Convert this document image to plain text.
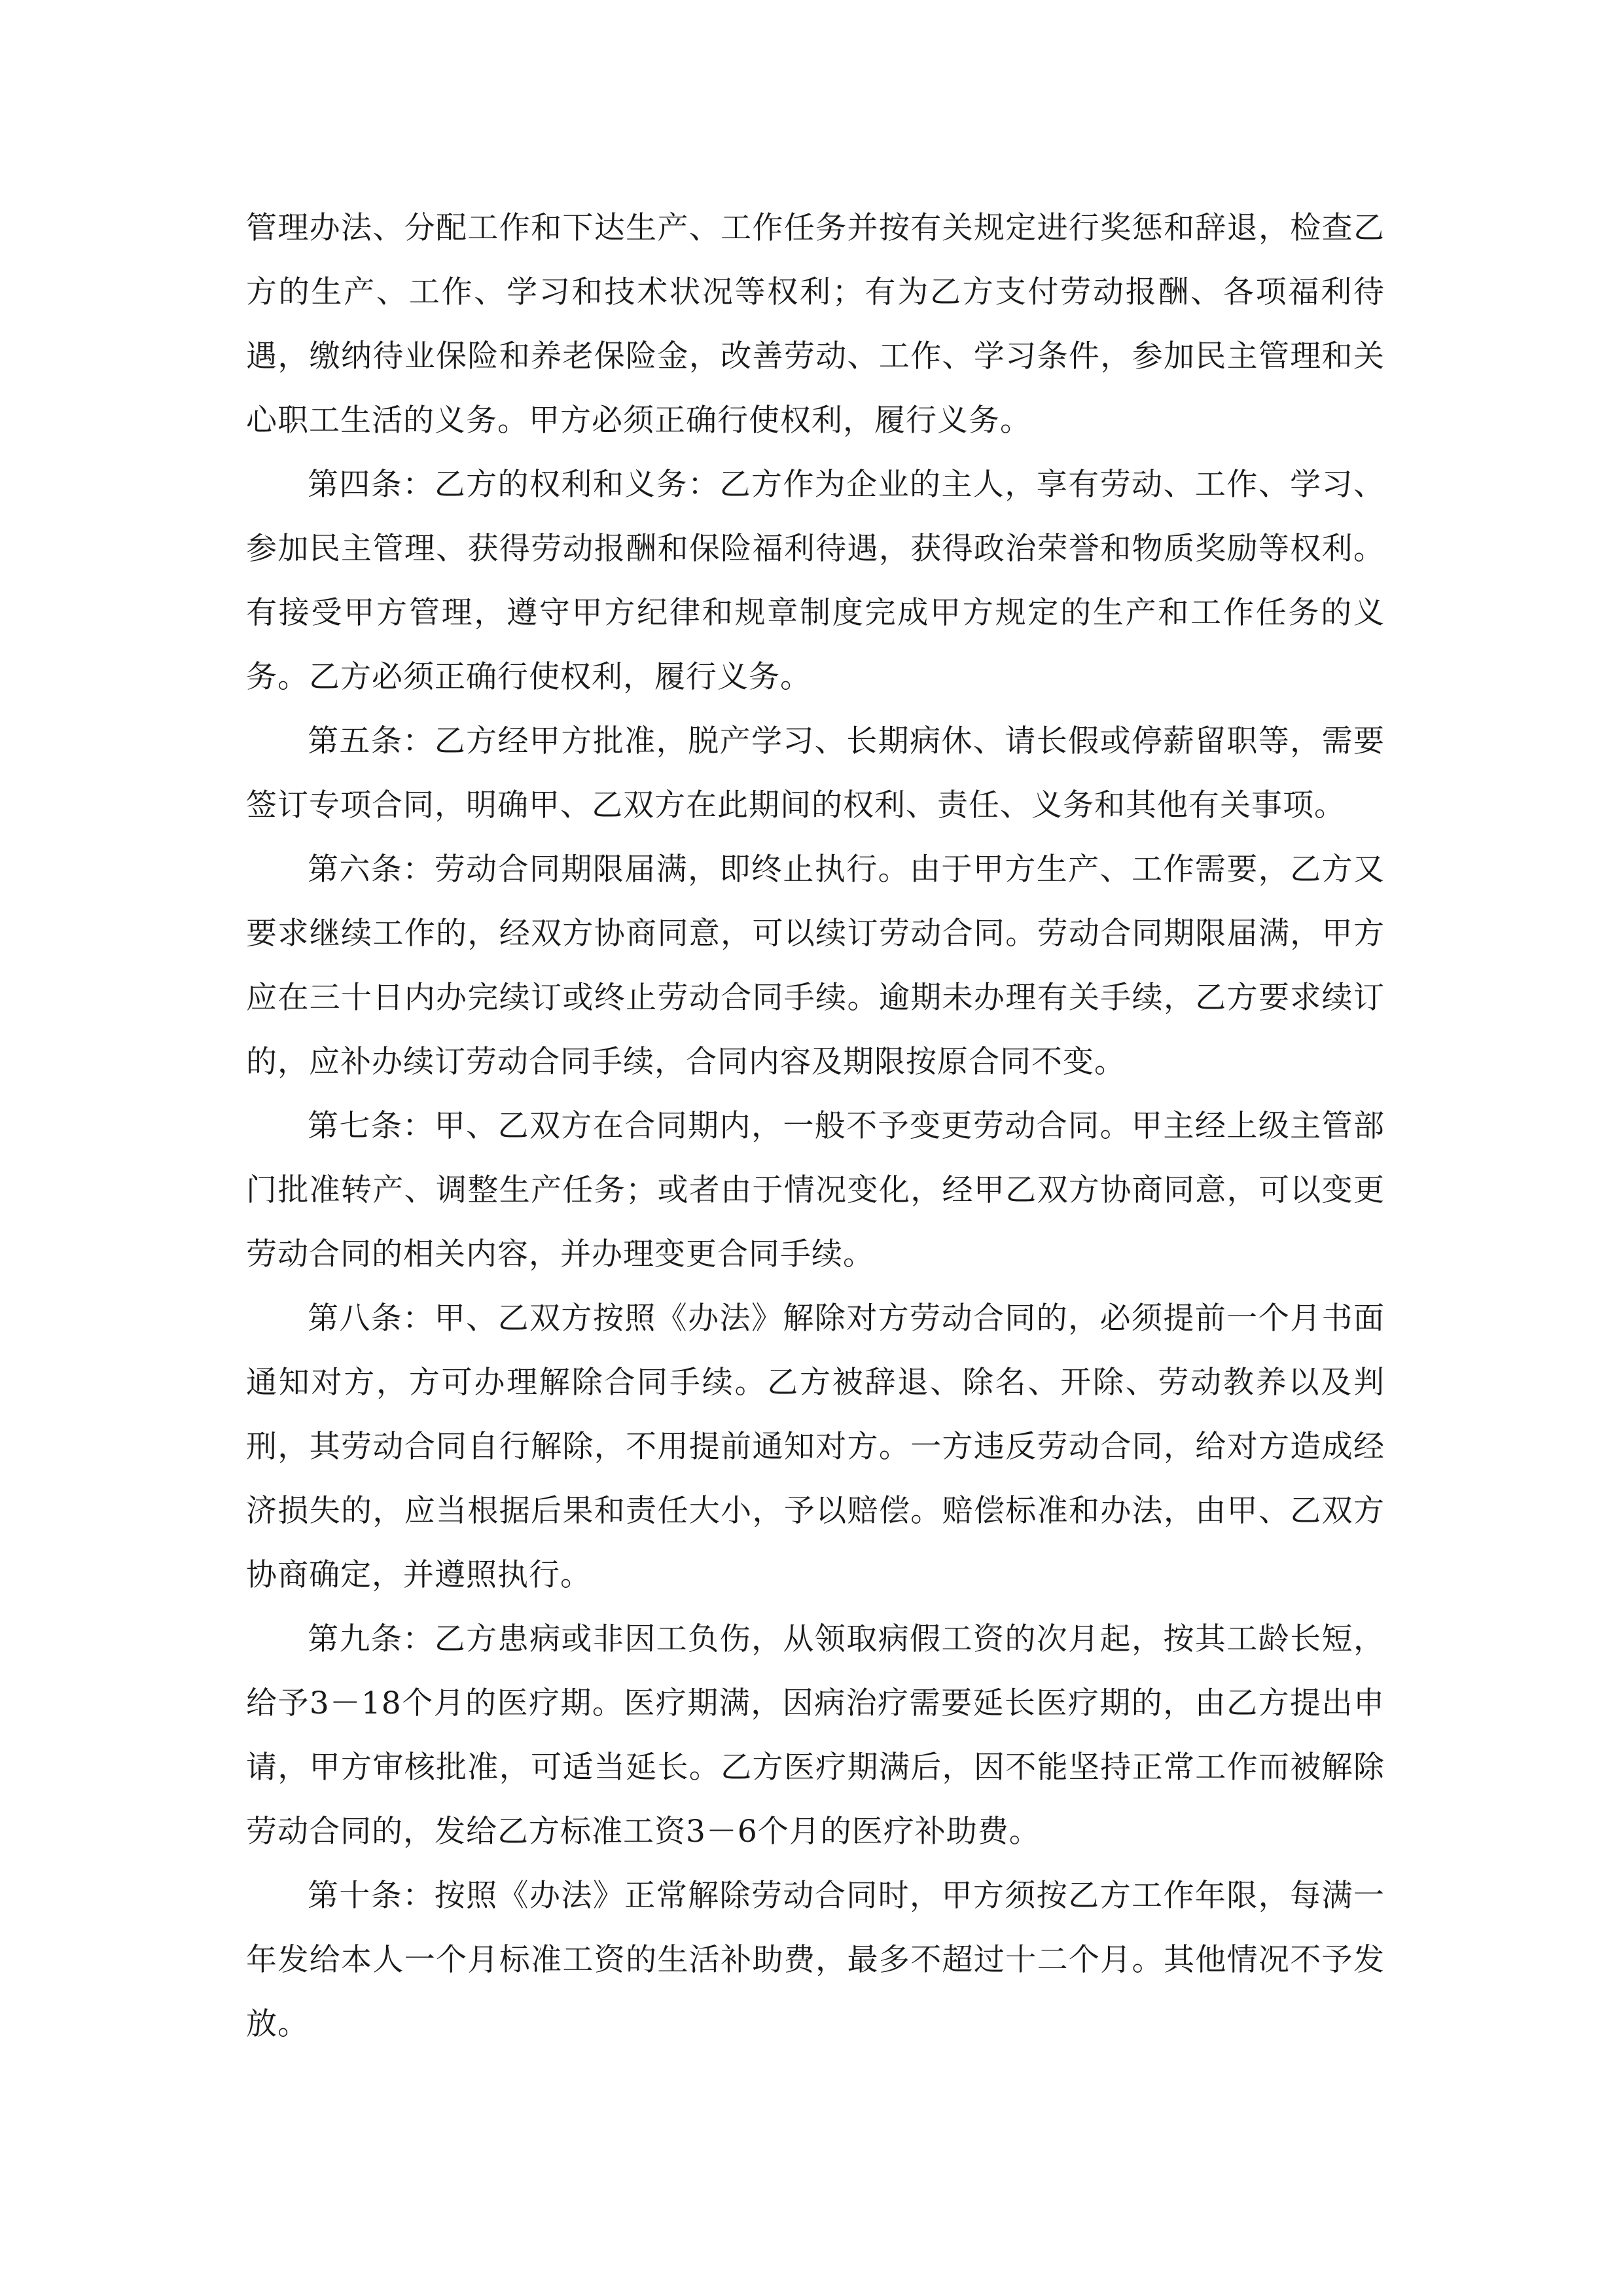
管理办法、分配工作和下达生产、工作任务并按有关规定进行奖惩和辞退，检查乙方的生产、工作、学习和技术状况等权利；有为乙方支付劳动报酬、各项福利待遇，缴纳待业保险和养老保险金，改善劳动、工作、学习条件，参加民主管理和关心职工生活的义务。甲方必须正确行使权利，履行义务。

第四条：乙方的权利和义务：乙方作为企业的主人，享有劳动、工作、学习、参加民主管理、获得劳动报酬和保险福利待遇，获得政治荣誉和物质奖励等权利。有接受甲方管理，遵守甲方纪律和规章制度完成甲方规定的生产和工作任务的义务。乙方必须正确行使权利，履行义务。

第五条：乙方经甲方批准，脱产学习、长期病休、请长假或停薪留职等，需要签订专项合同，明确甲、乙双方在此期间的权利、责任、义务和其他有关事项。

第六条：劳动合同期限届满，即终止执行。由于甲方生产、工作需要，乙方又要求继续工作的，经双方协商同意，可以续订劳动合同。劳动合同期限届满，甲方应在三十日内办完续订或终止劳动合同手续。逾期未办理有关手续，乙方要求续订的，应补办续订劳动合同手续，合同内容及期限按原合同不变。

第七条：甲、乙双方在合同期内，一般不予变更劳动合同。甲主经上级主管部门批准转产、调整生产任务；或者由于情况变化，经甲乙双方协商同意，可以变更劳动合同的相关内容，并办理变更合同手续。

第八条：甲、乙双方按照《办法》解除对方劳动合同的，必须提前一个月书面通知对方，方可办理解除合同手续。乙方被辞退、除名、开除、劳动教养以及判刑，其劳动合同自行解除，不用提前通知对方。一方违反劳动合同，给对方造成经济损失的，应当根据后果和责任大小，予以赔偿。赔偿标准和办法，由甲、乙双方协商确定，并遵照执行。

第九条：乙方患病或非因工负伤，从领取病假工资的次月起，按其工龄长短，给予3－18个月的医疗期。医疗期满，因病治疗需要延长医疗期的，由乙方提出申请，甲方审核批准，可适当延长。乙方医疗期满后，因不能坚持正常工作而被解除劳动合同的，发给乙方标准工资3－6个月的医疗补助费。

第十条：按照《办法》正常解除劳动合同时，甲方须按乙方工作年限，每满一年发给本人一个月标准工资的生活补助费，最多不超过十二个月。其他情况不予发放。
